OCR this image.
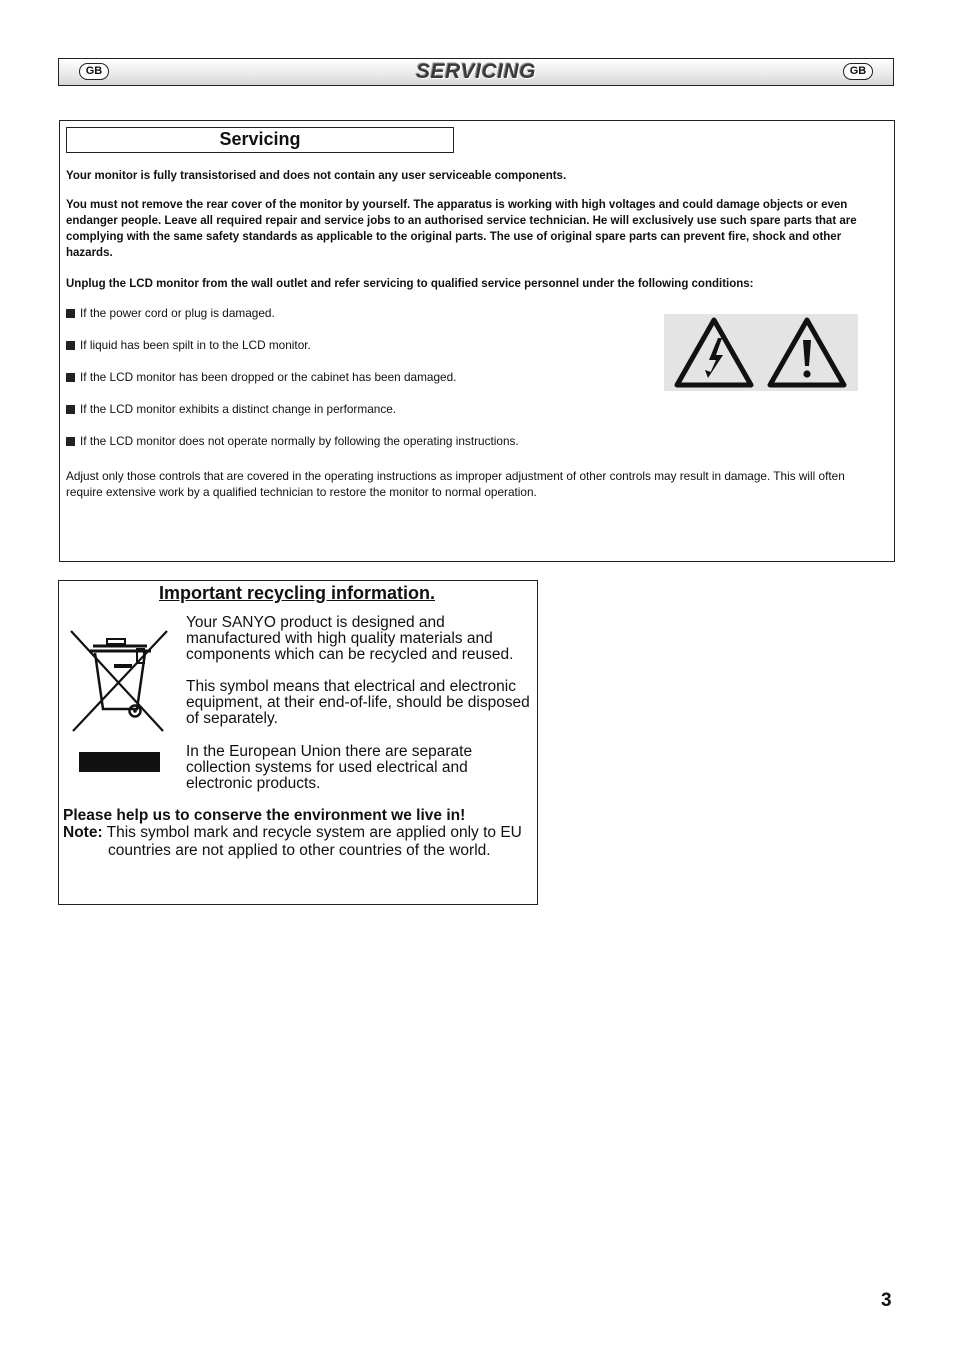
GB	SERVICING	GB
Servicing

Your monitor is fully transistorised and does not contain any user serviceable components.

You must not remove the rear cover of the monitor by yourself. The apparatus is working with high voltages and could damage objects or even endanger people. Leave all required repair and service jobs to an authorised service technician. He will exclusively use such spare parts that are complying with the same safety standards as applicable to the original parts. The use of original spare parts can prevent fire, shock and other hazards.

Unplug the LCD monitor from the wall outlet and refer servicing to qualified service personnel under the following conditions:

If the power cord or plug is damaged.
If liquid has been spilt in to the LCD monitor.
If the LCD monitor has been dropped or the cabinet has been damaged.
If the LCD monitor exhibits a distinct change in performance.
If the LCD monitor does not operate normally by following the operating instructions.

Adjust only those controls that are covered in the operating instructions as improper adjustment of other controls may result in damage. This will often require extensive work by a qualified technician to restore the monitor to normal operation.

Important recycling information.

Your SANYO product is designed and manufactured with high quality materials and components which can be recycled and reused.

This symbol means that electrical and electronic equipment, at their end-of-life, should be disposed of separately.

In the European Union there are separate collection systems for used electrical and electronic products.

Please help us to conserve the environment we live in!

Note: This symbol mark and recycle system are applied only to EU countries are not applied to other countries of the world.

3
